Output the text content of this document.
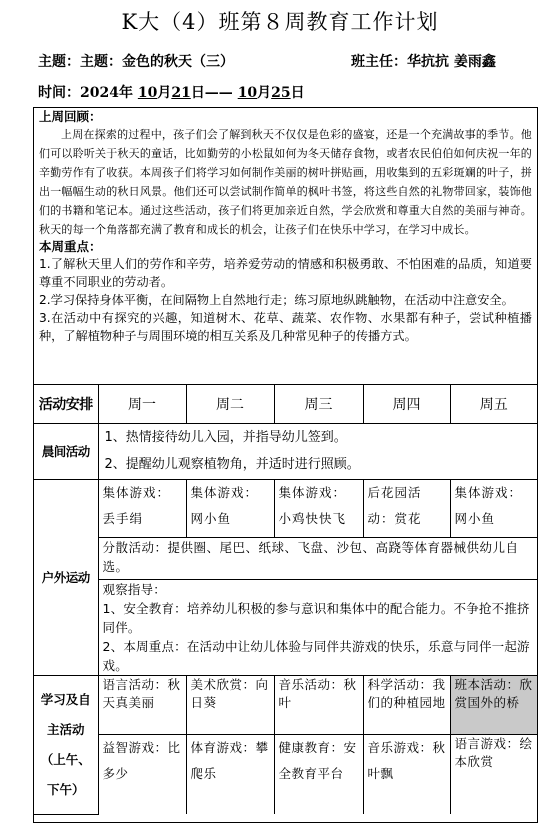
K大（4）班第８周教育工作计划
主题：主题：金色的秋天（三）	班主任：华抗抗 姜雨鑫
时间：2024年 10月21日—— 10月25日
上周回顾：

上周在探索的过程中，孩子们会了解到秋天不仅仅是色彩的盛宴，还是一个充满故事的季节。他们可以聆听关于秋天的童话，比如勤劳的小松鼠如何为冬天储存食物，或者农民伯伯如何庆祝一年的辛勤劳作有了收获。本周孩子们将学习如何制作美丽的树叶拼贴画，用收集到的五彩斑斓的叶子，拼出一幅幅生动的秋日风景。他们还可以尝试制作简单的枫叶书签，将这些自然的礼物带回家，装饰他们的书籍和笔记本。通过这些活动，孩子们将更加亲近自然，学会欣赏和尊重大自然的美丽与神奇。秋天的每一个角落都充满了教育和成长的机会，让孩子们在快乐中学习，在学习中成长。

本周重点：

1.了解秋天里人们的劳作和辛劳，培养爱劳动的情感和积极勇敢、不怕困难的品质，知道要尊重不同职业的劳动者。

2.学习保持身体平衡，在间隔物上自然地行走；练习原地纵跳触物，在活动中注意安全。

3.在活动中有探究的兴趣，知道树木、花草、蔬菜、农作物、水果都有种子，尝试种植播种，了解植物种子与周围环境的相互关系及几种常见种子的传播方式。

活动安排	周一	周二	周三	周四	周五
晨间活动	1、热情接待幼儿入园，并指导幼儿签到。

2、提醒幼儿观察植物角，并适时进行照顾。				

户外运动	集体游戏：丢手绢	集体游戏：网小鱼	集体游戏：小鸡快快飞	后花园活动：赏花	集体游戏：网小鱼
	分散活动：提供圈、尾巴、纸球、飞盘、沙包、高跷等体育器械供幼儿自选。				

	观察指导：
1、安全教育：培养幼儿积极的参与意识和集体中的配合能力。不争抢不推挤同伴。
2、本周重点：在活动中让幼儿体验与同伴共游戏的快乐，乐意与同伴一起游戏。				

学习及自
主活动
（上午、
下午）	语言活动：秋天真美丽	美术欣赏：向日葵	音乐活动：秋叶	科学活动：我们的种植园地	班本活动：欣赏国外的桥
	益智游戏：比多少	体育游戏：攀爬乐	健康教育：安全教育平台	音乐游戏：秋叶飘	语言游戏：绘本欣赏
